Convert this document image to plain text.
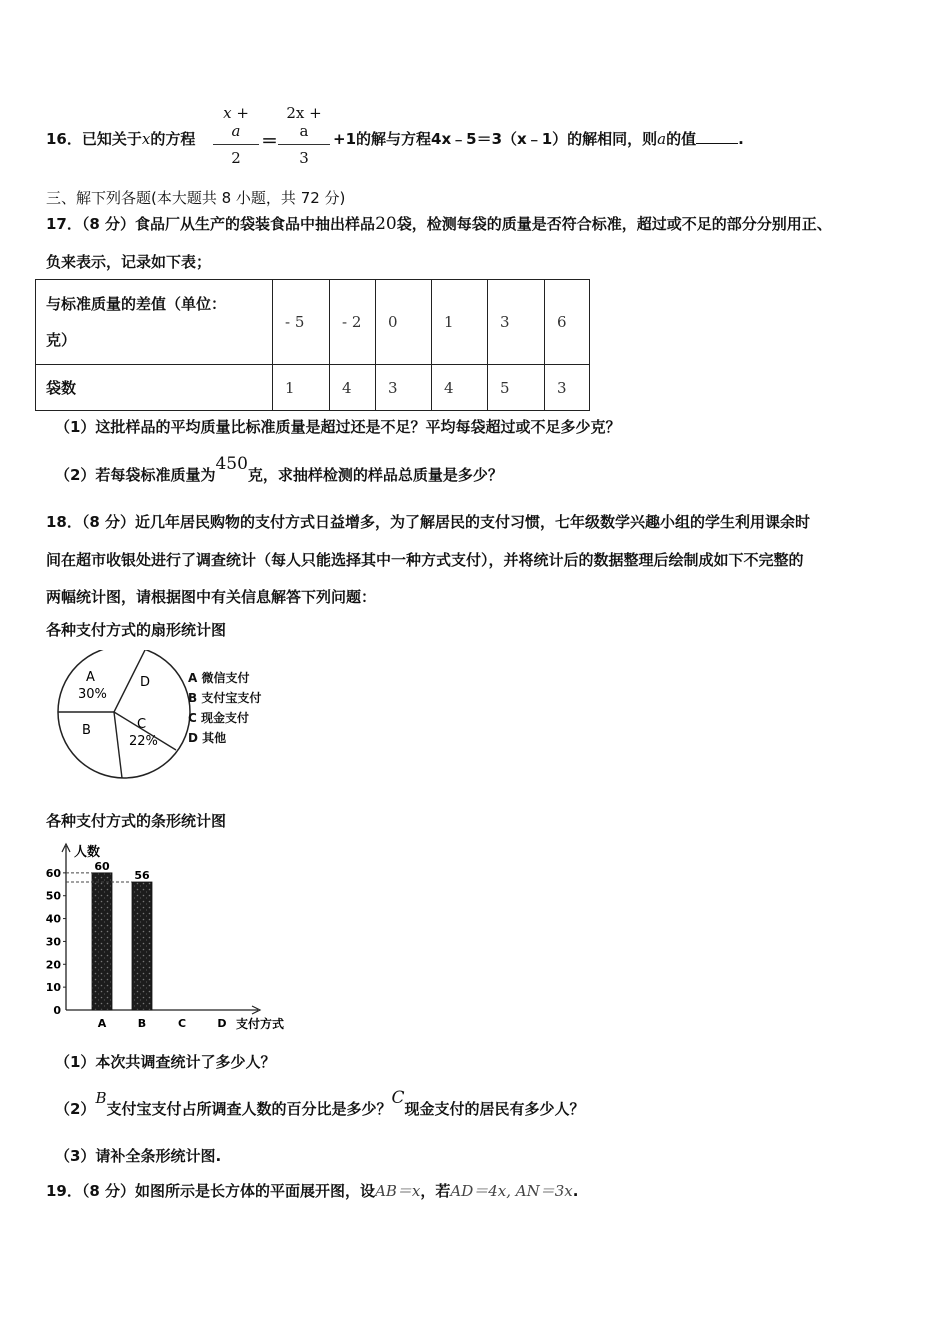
16．已知关于x的方程
x + a
2
＝
2x + a
3
+1的解与方程4x﹣5＝3（x﹣1）的解相同，则a的值	.
三、解下列各题(本大题共 8 小题，共 72 分)
17．（8 分）食品厂从生产的袋装食品中抽出样品20袋，检测每袋的质量是否符合标准，超过或不足的部分分别用正、
负来表示，记录如下表；
与标准质量的差值（单位：
克）	- 5	- 2	0	1	3	6
袋数	1	4	3	4	5	3
（1）这批样品的平均质量比标准质量是超过还是不足？平均每袋超过或不足多少克？
（2）若每袋标准质量为450克，求抽样检测的样品总质量是多少？
18．（8 分）近几年居民购物的支付方式日益增多，为了解居民的支付习惯，七年级数学兴趣小组的学生利用课余时
间在超市收银处进行了调查统计（每人只能选择其中一种方式支付），并将统计后的数据整理后绘制成如下不完整的
两幅统计图，请根据图中有关信息解答下列问题：
各种支付方式的扇形统计图
A 30%
D
B	C 22%
A 微信支付
B 支付宝支付
C 现金支付
D 其他
各种支付方式的条形统计图
人数
支付方式
0
10
20
30
40
50
60
A
60
B
56
C	D
（1）本次共调查统计了多少人？
（2）B支付宝支付占所调查人数的百分比是多少？C现金支付的居民有多少人？
（3）请补全条形统计图.
19．（8 分）如图所示是长方体的平面展开图，设AB＝x，若AD＝4x, AN＝3x.
